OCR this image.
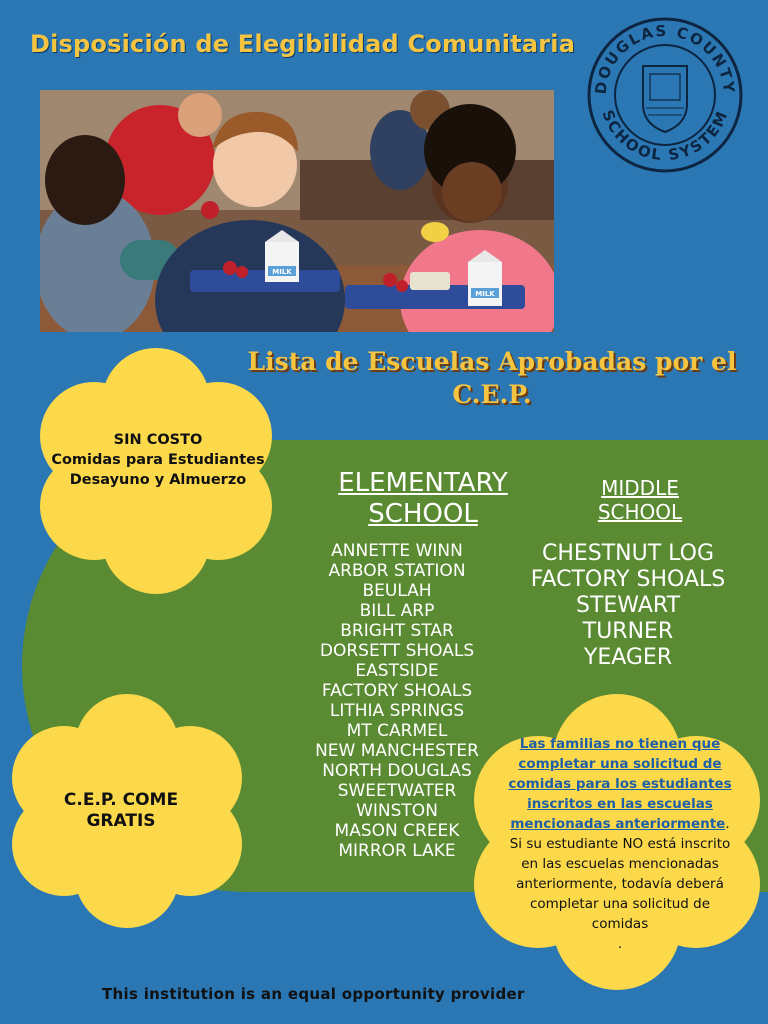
Disposición de Elegibilidad Comunitaria
DOUGLAS COUNTY
SCHOOL SYSTEM
MILK
MILK
Lista de Escuelas Aprobadas por el
C.E.P.
SIN COSTO
Comidas para Estudiantes
Desayuno y Almuerzo
C.E.P. COME
GRATIS
Las familias no tienen que completar una solicitud de comidas para los estudiantes inscritos en las escuelas mencionadas anteriormente.
Si su estudiante NO está inscrito en las escuelas mencionadas anteriormente, todavía deberá completar una solicitud de comidas
.
ELEMENTARY
SCHOOL
MIDDLE
SCHOOL
ANNETTE WINN
ARBOR STATION
BEULAH
BILL ARP
BRIGHT STAR
DORSETT SHOALS
EASTSIDE
FACTORY SHOALS
LITHIA SPRINGS
MT CARMEL
NEW MANCHESTER
NORTH DOUGLAS
SWEETWATER
WINSTON
MASON CREEK
MIRROR LAKE
CHESTNUT LOG
FACTORY SHOALS
STEWART
TURNER
YEAGER
This institution is an equal opportunity provider
